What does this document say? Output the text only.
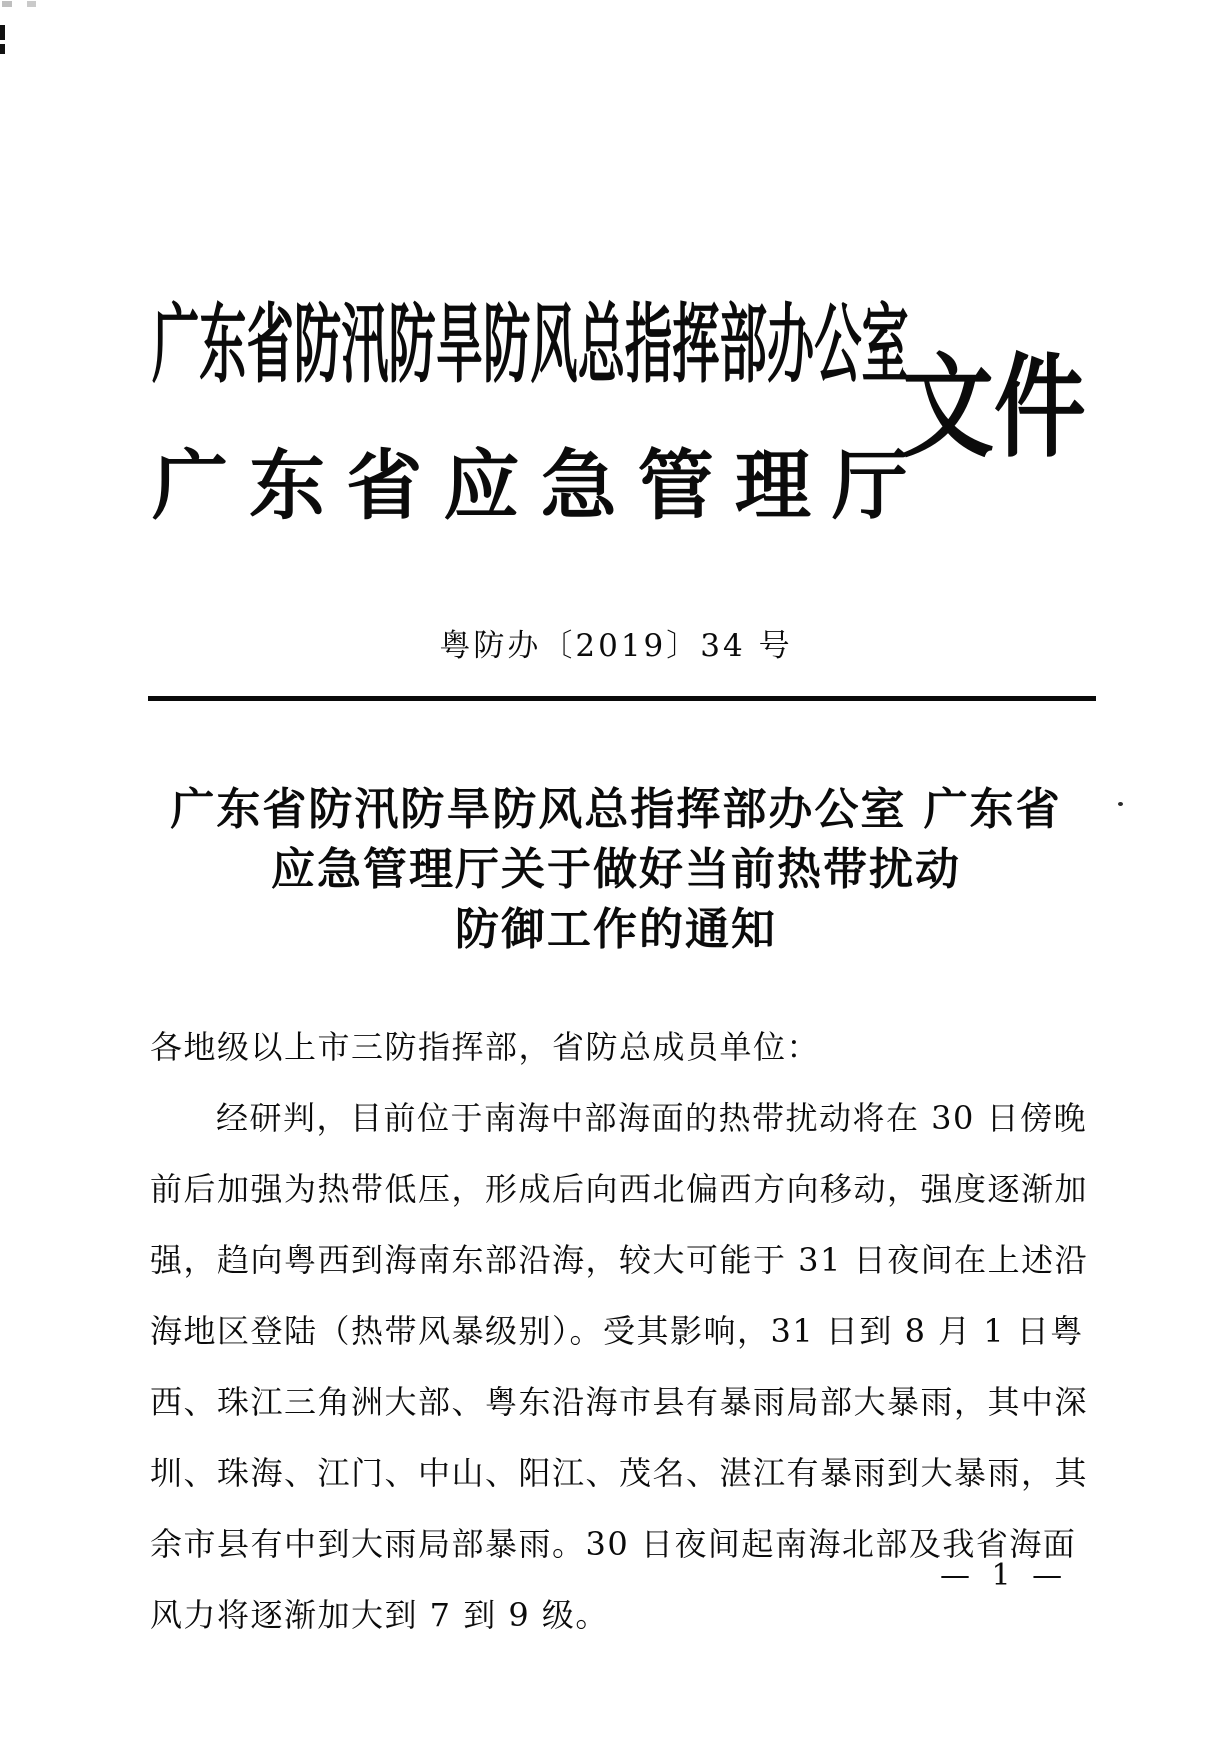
广东省防汛防旱防风总指挥部办公室
广东省应急管理厅
文件
粤防办〔2019〕34 号
广东省防汛防旱防风总指挥部办公室 广东省
应急管理厅关于做好当前热带扰动
防御工作的通知
各地级以上市三防指挥部，省防总成员单位：
经研判，目前位于南海中部海面的热带扰动将在 30 日傍晚
前后加强为热带低压，形成后向西北偏西方向移动，强度逐渐加
强，趋向粤西到海南东部沿海，较大可能于 31 日夜间在上述沿
海地区登陆（热带风暴级别）。受其影响，31 日到 8 月 1 日粤
西、珠江三角洲大部、粤东沿海市县有暴雨局部大暴雨，其中深
圳、珠海、江门、中山、阳江、茂名、湛江有暴雨到大暴雨，其
余市县有中到大雨局部暴雨。30 日夜间起南海北部及我省海面
风力将逐渐加大到 7 到 9 级。
— 1 —
